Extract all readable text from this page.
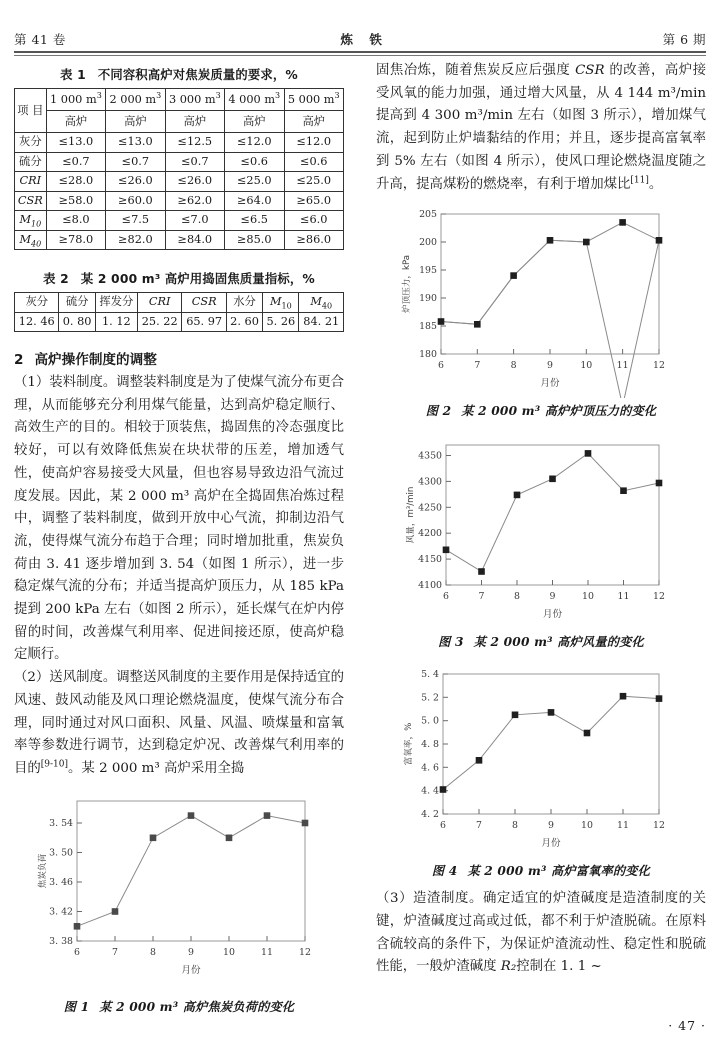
第 41 卷	炼 铁	第 6 期
表 1 不同容积高炉对焦炭质量的要求，%
项 目	1 000 $m^3$	2 000 $m^3$	3 000 $m^3$	4 000 $m^3$	5 000 $m^3$
	高炉	高炉	高炉	高炉	高炉
灰分	≤13.0	≤13.0	≤12.5	≤12.0	≤12.0
硫分	≤0.7	≤0.7	≤0.7	≤0.6	≤0.6
CRI	≤28.0	≤26.0	≤26.0	≤25.0	≤25.0
CSR	≥58.0	≥60.0	≥62.0	≥64.0	≥65.0
$M_{10}$	≤8.0	≤7.5	≤7.0	≤6.5	≤6.0
$M_{40}$	≥78.0	≥82.0	≥84.0	≥85.0	≥86.0
表 2 某 2 000 m³ 高炉用捣固焦质量指标，%
灰分	硫分	挥发分	CRI	CSR	水分	$M_{10}$	$M_{40}$
12. 46	0. 80	1. 12	25. 22	65. 97	2. 60	5. 26	84. 21

2 高炉操作制度的调整

（1）装料制度。调整装料制度是为了使煤气流分布更合理，从而能够充分利用煤气能量，达到高炉稳定顺行、高效生产的目的。相较于顶装焦，捣固焦的冷态强度比较好，可以有效降低焦炭在块状带的压差，增加透气性，使高炉容易接受大风量，但也容易导致边沿气流过度发展。因此，某 2 000 m³ 高炉在全捣固焦冶炼过程中，调整了装料制度，做到开放中心气流，抑制边沿气流，使得煤气流分布趋于合理；同时增加批重，焦炭负荷由 3. 41 逐步增加到 3. 54（如图 1 所示），进一步稳定煤气流的分布；并适当提高炉顶压力，从 185 kPa 提到 200 kPa 左右（如图 2 所示），延长煤气在炉内停留的时间，改善煤气利用率、促进间接还原，使高炉稳定顺行。

（2）送风制度。调整送风制度的主要作用是保持适宜的风速、鼓风动能及风口理论燃烧温度，使煤气流分布合理，同时通过对风口面积、风量、风温、喷煤量和富氧率等参数进行调节，达到稳定炉况、改善煤气利用率的目的[9-10]。某 2 000 m³ 高炉采用全捣

3. 38
3. 42
3. 46
3. 50
3. 54
6	7	8	9	10	11	12
月份
焦炭负荷
图 1 某 2 000 m³ 高炉焦炭负荷的变化

固焦冶炼，随着焦炭反应后强度 CSR 的改善，高炉接受风氧的能力加强，通过增大风量，从 4 144 m³/min 提高到 4 300 m³/min 左右（如图 3 所示），增加煤气流，起到防止炉墙黏结的作用；并且，逐步提高富氧率到 5% 左右（如图 4 所示），使风口理论燃烧温度随之升高，提高煤粉的燃烧率，有利于增加煤比[11]。

180
185
190
195
200
205
6	7	8	9	10	11	12
月份
炉顶压力，kPa
图 2 某 2 000 m³ 高炉炉顶压力的变化
4100
4150
4200
4250
4300
4350
6	7	8	9	10	11	12
月份
风量，m³/min
图 3 某 2 000 m³ 高炉风量的变化
4. 2
4. 4
4. 6
4. 8
5. 0
5. 2
5. 4
6	7	8	9	10	11	12
月份
富氧率，%
图 4 某 2 000 m³ 高炉富氧率的变化

（3）造渣制度。确定适宜的炉渣碱度是造渣制度的关键，炉渣碱度过高或过低，都不利于炉渣脱硫。在原料含硫较高的条件下，为保证炉渣流动性、稳定性和脱硫性能，一般炉渣碱度 R₂控制在 1. 1 ~

· 47 ·
